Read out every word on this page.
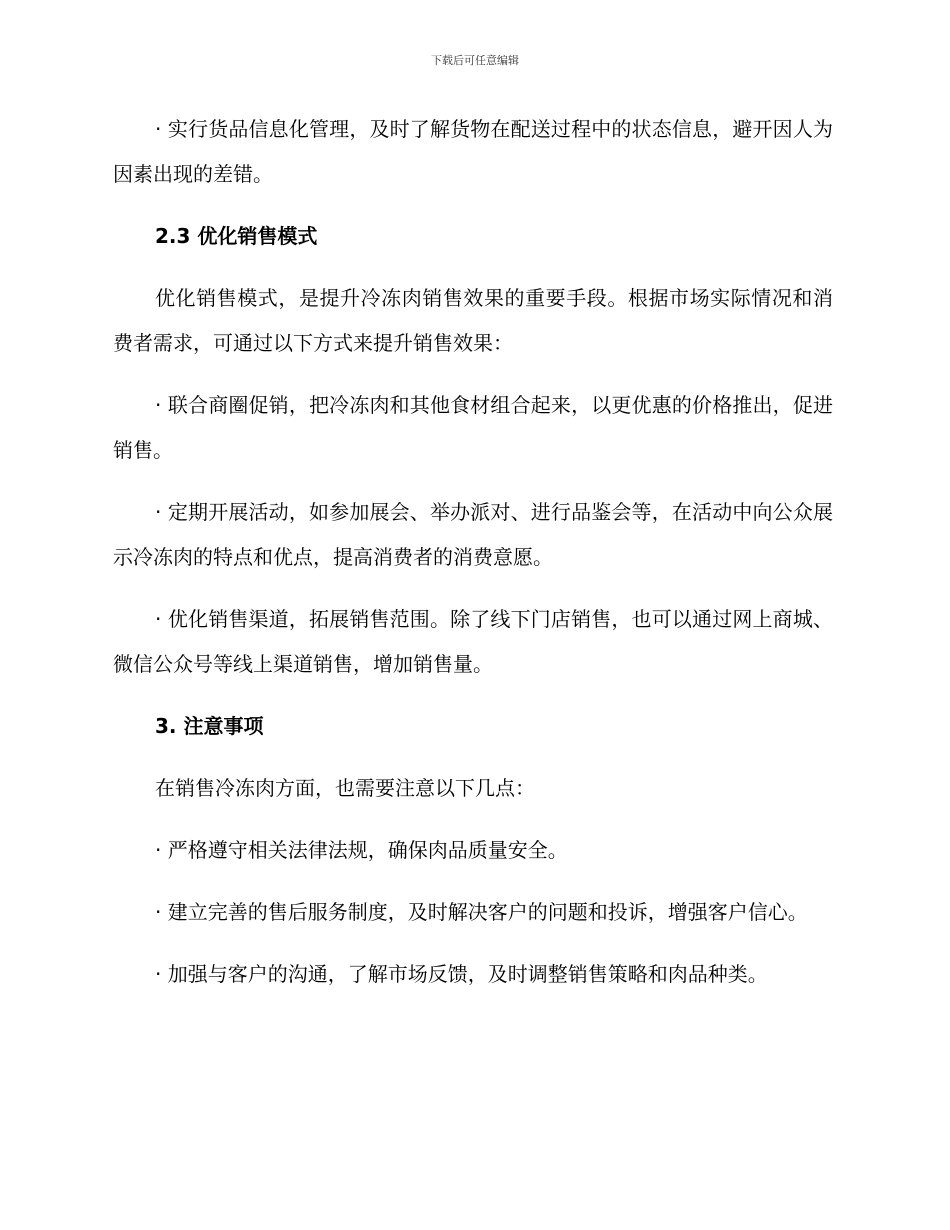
下载后可任意编辑

· 实行货品信息化管理，及时了解货物在配送过程中的状态信息，避开因人为因素出现的差错。

2.3 优化销售模式

优化销售模式，是提升冷冻肉销售效果的重要手段。根据市场实际情况和消费者需求，可通过以下方式来提升销售效果：

· 联合商圈促销，把冷冻肉和其他食材组合起来，以更优惠的价格推出，促进销售。

· 定期开展活动，如参加展会、举办派对、进行品鉴会等，在活动中向公众展示冷冻肉的特点和优点，提高消费者的消费意愿。

· 优化销售渠道，拓展销售范围。除了线下门店销售，也可以通过网上商城、微信公众号等线上渠道销售，增加销售量。

3. 注意事项

在销售冷冻肉方面，也需要注意以下几点：

· 严格遵守相关法律法规，确保肉品质量安全。

· 建立完善的售后服务制度，及时解决客户的问题和投诉，增强客户信心。

· 加强与客户的沟通，了解市场反馈，及时调整销售策略和肉品种类。
